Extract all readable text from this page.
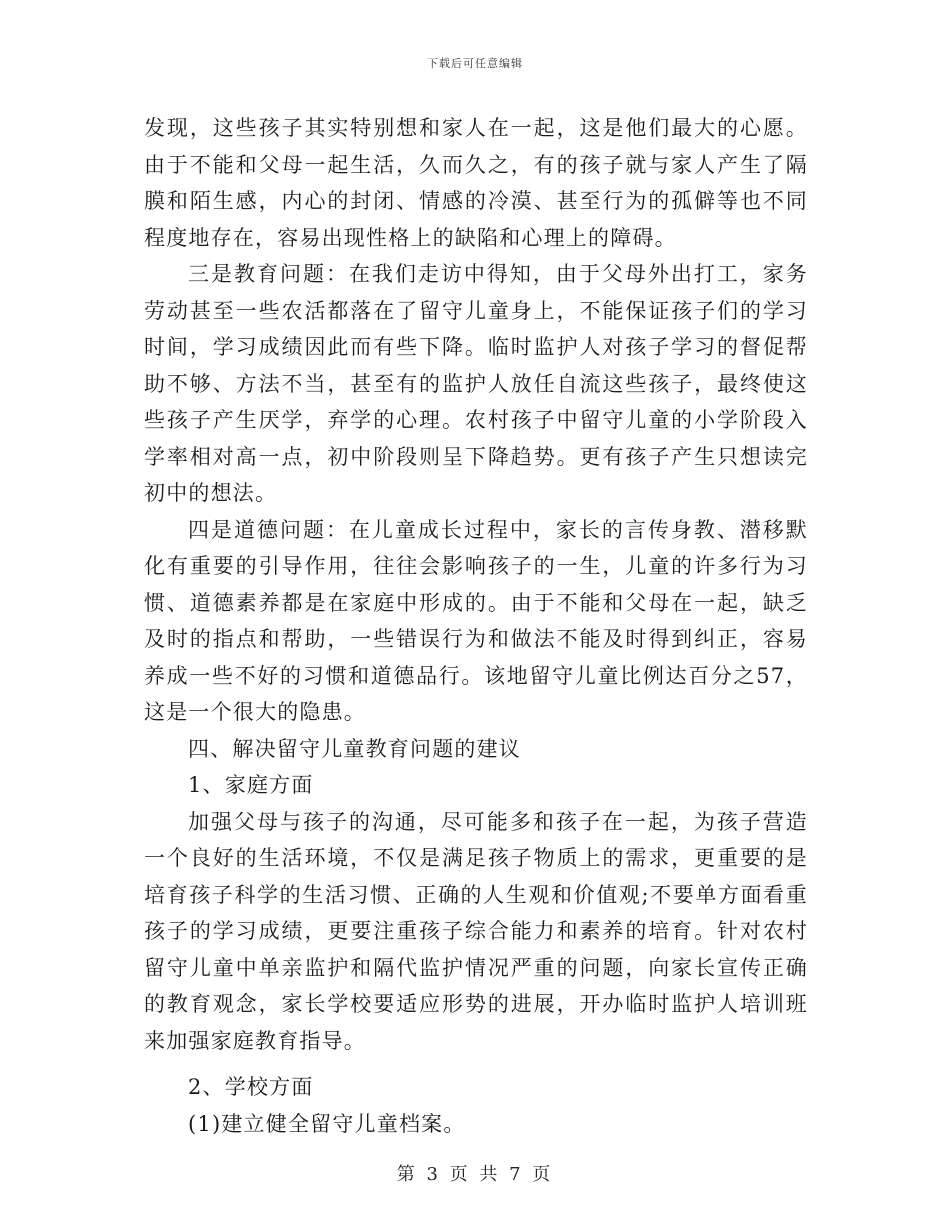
下载后可任意编辑

发现，这些孩子其实特别想和家人在一起，这是他们最大的心愿。由于不能和父母一起生活，久而久之，有的孩子就与家人产生了隔膜和陌生感，内心的封闭、情感的冷漠、甚至行为的孤僻等也不同程度地存在，容易出现性格上的缺陷和心理上的障碍。

三是教育问题：在我们走访中得知，由于父母外出打工，家务劳动甚至一些农活都落在了留守儿童身上，不能保证孩子们的学习时间，学习成绩因此而有些下降。临时监护人对孩子学习的督促帮助不够、方法不当，甚至有的监护人放任自流这些孩子，最终使这些孩子产生厌学，弃学的心理。农村孩子中留守儿童的小学阶段入学率相对高一点，初中阶段则呈下降趋势。更有孩子产生只想读完初中的想法。

四是道德问题：在儿童成长过程中，家长的言传身教、潜移默化有重要的引导作用，往往会影响孩子的一生，儿童的许多行为习惯、道德素养都是在家庭中形成的。由于不能和父母在一起，缺乏及时的指点和帮助，一些错误行为和做法不能及时得到纠正，容易养成一些不好的习惯和道德品行。该地留守儿童比例达百分之57，这是一个很大的隐患。

四、解决留守儿童教育问题的建议

1、家庭方面

加强父母与孩子的沟通，尽可能多和孩子在一起，为孩子营造一个良好的生活环境，不仅是满足孩子物质上的需求，更重要的是培育孩子科学的生活习惯、正确的人生观和价值观;不要单方面看重孩子的学习成绩，更要注重孩子综合能力和素养的培育。针对农村留守儿童中单亲监护和隔代监护情况严重的问题，向家长宣传正确的教育观念，家长学校要适应形势的进展，开办临时监护人培训班来加强家庭教育指导。

2、学校方面

(1)建立健全留守儿童档案。

第 3 页 共 7 页
